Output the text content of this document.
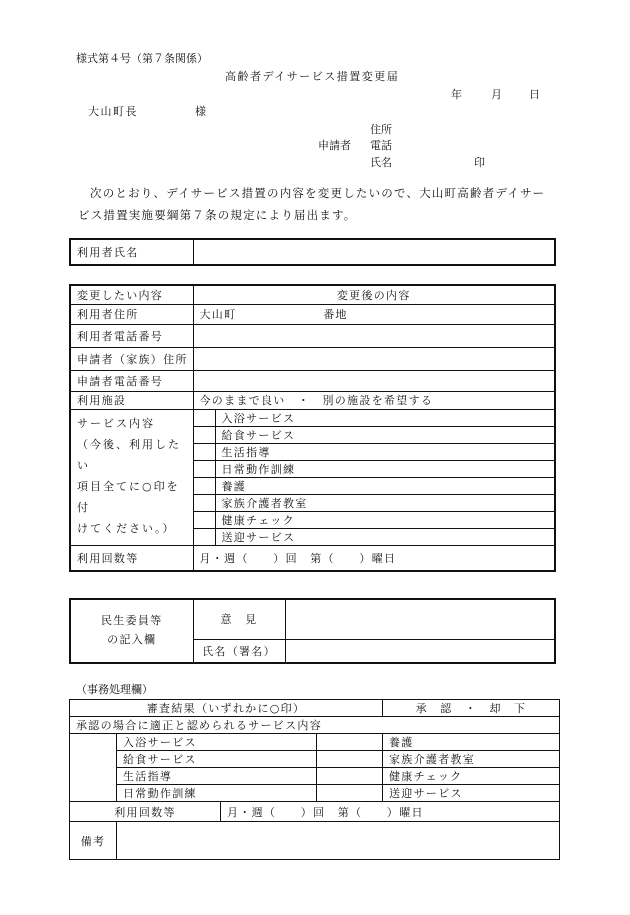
様式第４号（第７条関係）
高齢者デイサービス措置変更届
年	月 日
大山町長	様
住所
申請者 電話
氏名	印
次のとおり、デイサービス措置の内容を変更したいので、大山町高齢者デイサービス措置実施要綱第７条の規定により届出ます。
利用者氏名	
変更したい内容	変更後の内容	
利用者住所	大山町 番地	
利用者電話番号		
申請者（家族）住所		
申請者電話番号		
利用施設	今のままで良い　・　別の施設を希望する	
サービス内容
（今後、利用したい
項目全てに○印を付
けてください。）		入浴サービス
		給食サービス
		生活指導
		日常動作訓練
		養護
		家族介護者教室
		健康チェック
		送迎サービス
利用回数等	月・週（　　）回　第（　　）曜日	
民生委員等
の記入欄	意　見	
	氏名（署名）	
（事務処理欄）
審査結果（いずれかに○印）				承　認　・　却　下
承認の場合に適正と認められるサービス内容				
	入浴サービス			養護
	給食サービス			家族介護者教室
	生活指導			健康チェック
	日常動作訓練			送迎サービス
利用回数等		月・週（　　）回　第（　　）曜日		
備考				
